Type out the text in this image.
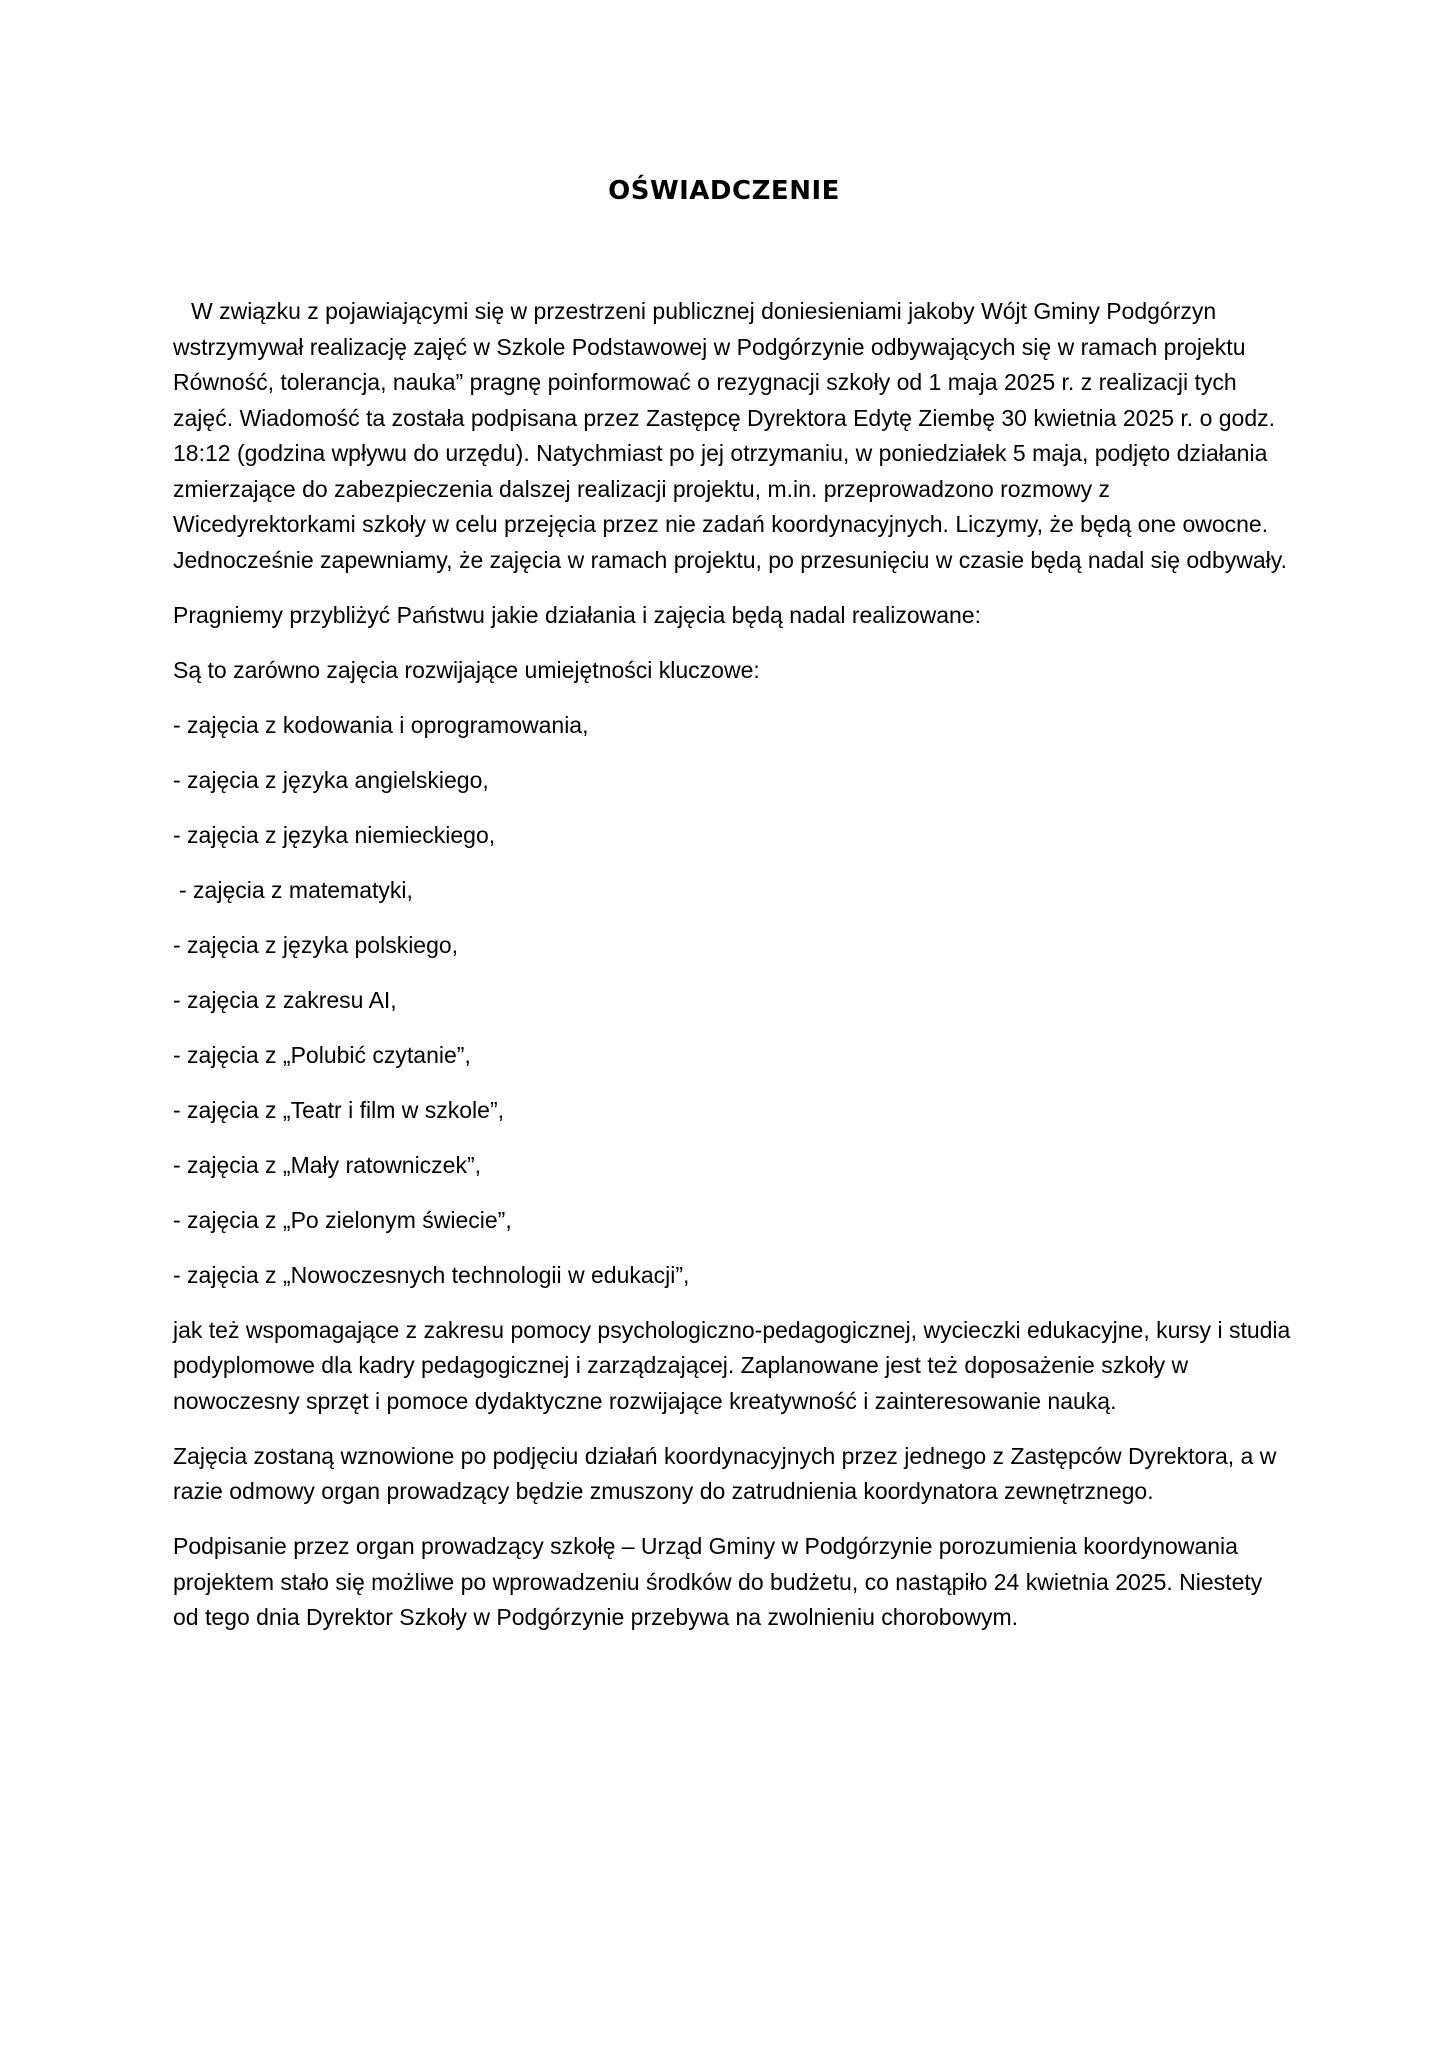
OŚWIADCZENIE

W związku z pojawiającymi się w przestrzeni publicznej doniesieniami jakoby Wójt Gminy Podgórzyn wstrzymywał realizację zajęć w Szkole Podstawowej w Podgórzynie odbywających się w ramach projektu Równość, tolerancja, nauka” pragnę poinformować o rezygnacji szkoły od 1 maja 2025 r. z realizacji tych zajęć. Wiadomość ta została podpisana przez Zastępcę Dyrektora Edytę Ziembę 30 kwietnia 2025 r. o godz. 18:12 (godzina wpływu do urzędu). Natychmiast po jej otrzymaniu, w poniedziałek 5 maja, podjęto działania zmierzające do zabezpieczenia dalszej realizacji projektu, m.in. przeprowadzono rozmowy z Wicedyrektorkami szkoły w celu przejęcia przez nie zadań koordynacyjnych. Liczymy, że będą one owocne. Jednocześnie zapewniamy, że zajęcia w ramach projektu, po przesunięciu w czasie będą nadal się odbywały.

Pragniemy przybliżyć Państwu jakie działania i zajęcia będą nadal realizowane:

Są to zarówno zajęcia rozwijające umiejętności kluczowe:

- zajęcia z kodowania i oprogramowania,
- zajęcia z języka angielskiego,
- zajęcia z języka niemieckiego,
- zajęcia z matematyki,
- zajęcia z języka polskiego,
- zajęcia z zakresu AI,
- zajęcia z „Polubić czytanie”,
- zajęcia z „Teatr i film w szkole”,
- zajęcia z „Mały ratowniczek”,
- zajęcia z „Po zielonym świecie”,
- zajęcia z „Nowoczesnych technologii w edukacji”,

jak też wspomagające z zakresu pomocy psychologiczno-pedagogicznej, wycieczki edukacyjne, kursy i studia podyplomowe dla kadry pedagogicznej i zarządzającej. Zaplanowane jest też doposażenie szkoły w nowoczesny sprzęt i pomoce dydaktyczne rozwijające kreatywność i zainteresowanie nauką.

Zajęcia zostaną wznowione po podjęciu działań koordynacyjnych przez jednego z Zastępców Dyrektora, a w razie odmowy organ prowadzący będzie zmuszony do zatrudnienia koordynatora zewnętrznego.

Podpisanie przez organ prowadzący szkołę – Urząd Gminy w Podgórzynie porozumienia koordynowania projektem stało się możliwe po wprowadzeniu środków do budżetu, co nastąpiło 24 kwietnia 2025. Niestety od tego dnia Dyrektor Szkoły w Podgórzynie przebywa na zwolnieniu chorobowym.
